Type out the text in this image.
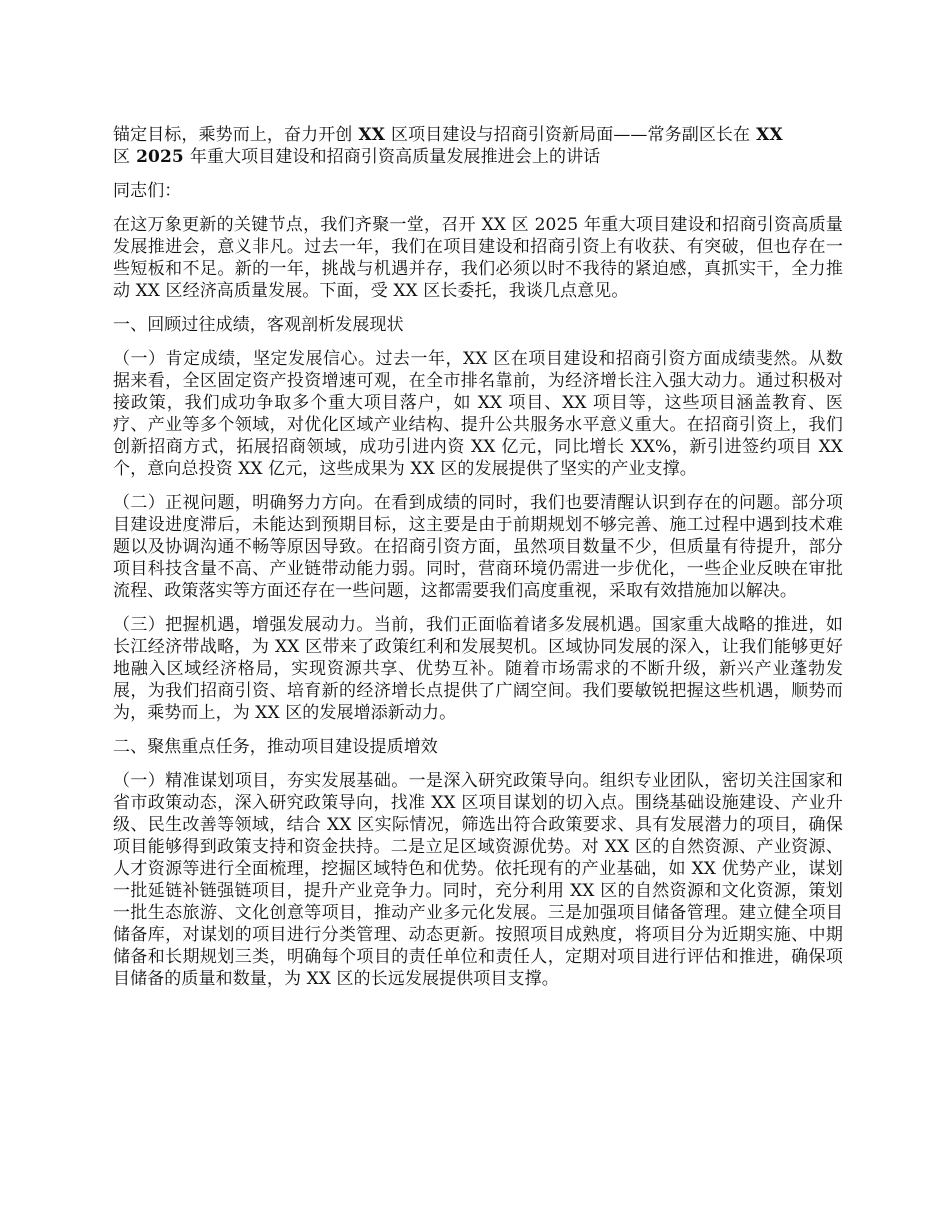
锚定目标，乘势而上，奋力开创 XX 区项目建设与招商引资新局面——常务副区长在 XX
区 2025 年重大项目建设和招商引资高质量发展推进会上的讲话

同志们：

在这万象更新的关键节点，我们齐聚一堂，召开 XX 区 2025 年重大项目建设和招商引资高质量发展推进会，意义非凡。过去一年，我们在项目建设和招商引资上有收获、有突破，但也存在一些短板和不足。新的一年，挑战与机遇并存，我们必须以时不我待的紧迫感，真抓实干，全力推动 XX 区经济高质量发展。下面，受 XX 区长委托，我谈几点意见。

一、回顾过往成绩，客观剖析发展现状

（一）肯定成绩，坚定发展信心。过去一年，XX 区在项目建设和招商引资方面成绩斐然。从数据来看，全区固定资产投资增速可观，在全市排名靠前，为经济增长注入强大动力。通过积极对接政策，我们成功争取多个重大项目落户，如 XX 项目、XX 项目等，这些项目涵盖教育、医疗、产业等多个领域，对优化区域产业结构、提升公共服务水平意义重大。在招商引资上，我们创新招商方式，拓展招商领域，成功引进内资 XX 亿元，同比增长 XX%，新引进签约项目 XX 个，意向总投资 XX 亿元，这些成果为 XX 区的发展提供了坚实的产业支撑。

（二）正视问题，明确努力方向。在看到成绩的同时，我们也要清醒认识到存在的问题。部分项目建设进度滞后，未能达到预期目标，这主要是由于前期规划不够完善、施工过程中遇到技术难题以及协调沟通不畅等原因导致。在招商引资方面，虽然项目数量不少，但质量有待提升，部分项目科技含量不高、产业链带动能力弱。同时，营商环境仍需进一步优化，一些企业反映在审批流程、政策落实等方面还存在一些问题，这都需要我们高度重视，采取有效措施加以解决。

（三）把握机遇，增强发展动力。当前，我们正面临着诸多发展机遇。国家重大战略的推进，如长江经济带战略，为 XX 区带来了政策红利和发展契机。区域协同发展的深入，让我们能够更好地融入区域经济格局，实现资源共享、优势互补。随着市场需求的不断升级，新兴产业蓬勃发展，为我们招商引资、培育新的经济增长点提供了广阔空间。我们要敏锐把握这些机遇，顺势而为，乘势而上，为 XX 区的发展增添新动力。

二、聚焦重点任务，推动项目建设提质增效

（一）精准谋划项目，夯实发展基础。一是深入研究政策导向。组织专业团队，密切关注国家和省市政策动态，深入研究政策导向，找准 XX 区项目谋划的切入点。围绕基础设施建设、产业升级、民生改善等领域，结合 XX 区实际情况，筛选出符合政策要求、具有发展潜力的项目，确保项目能够得到政策支持和资金扶持。二是立足区域资源优势。对 XX 区的自然资源、产业资源、人才资源等进行全面梳理，挖掘区域特色和优势。依托现有的产业基础，如 XX 优势产业，谋划一批延链补链强链项目，提升产业竞争力。同时，充分利用 XX 区的自然资源和文化资源，策划一批生态旅游、文化创意等项目，推动产业多元化发展。三是加强项目储备管理。建立健全项目储备库，对谋划的项目进行分类管理、动态更新。按照项目成熟度，将项目分为近期实施、中期储备和长期规划三类，明确每个项目的责任单位和责任人，定期对项目进行评估和推进，确保项目储备的质量和数量，为 XX 区的长远发展提供项目支撑。
